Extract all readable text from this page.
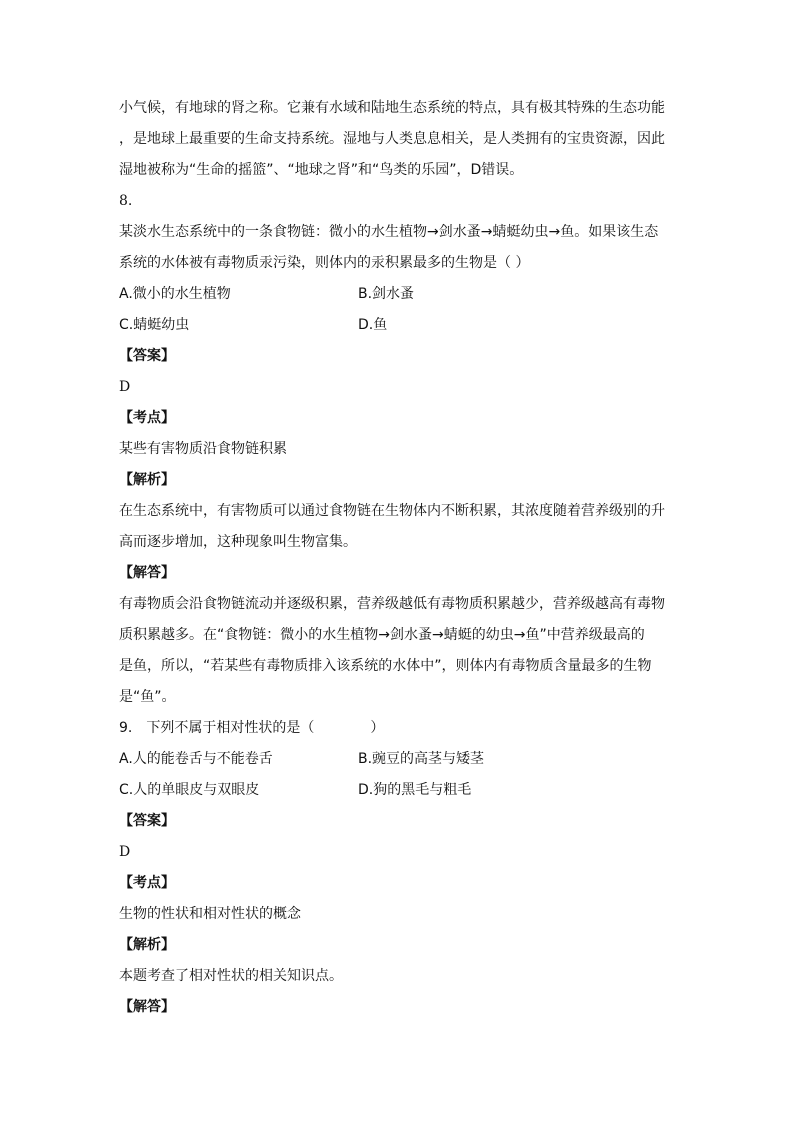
小气候，有地球的肾之称。它兼有水域和陆地生态系统的特点，具有极其特殊的生态功能
，是地球上最重要的生命支持系统。湿地与人类息息相关，是人类拥有的宝贵资源，因此
湿地被称为“生命的摇篮”、“地球之肾”和“鸟类的乐园”，D错误。
8.
某淡水生态系统中的一条食物链：微小的水生植物→剑水蚤→蜻蜓幼虫→鱼。如果该生态
系统的水体被有毒物质汞污染，则体内的汞积累最多的生物是（ ）
A.微小的水生植物	B.剑水蚤
C.蜻蜓幼虫	D.鱼
【答案】
D
【考点】
某些有害物质沿食物链积累
【解析】
在生态系统中，有害物质可以通过食物链在生物体内不断积累，其浓度随着营养级别的升
高而逐步增加，这种现象叫生物富集。
【解答】
有毒物质会沿食物链流动并逐级积累，营养级越低有毒物质积累越少，营养级越高有毒物
质积累越多。在“食物链：微小的水生植物→剑水蚤→蜻蜓的幼虫→鱼”中营养级最高的
是鱼，所以，“若某些有毒物质排入该系统的水体中”，则体内有毒物质含量最多的生物
是“鱼”。
9.　下列不属于相对性状的是（　　　　）
A.人的能卷舌与不能卷舌	B.豌豆的高茎与矮茎
C.人的单眼皮与双眼皮	D.狗的黑毛与粗毛
【答案】
D
【考点】
生物的性状和相对性状的概念
【解析】
本题考查了相对性状的相关知识点。
【解答】
